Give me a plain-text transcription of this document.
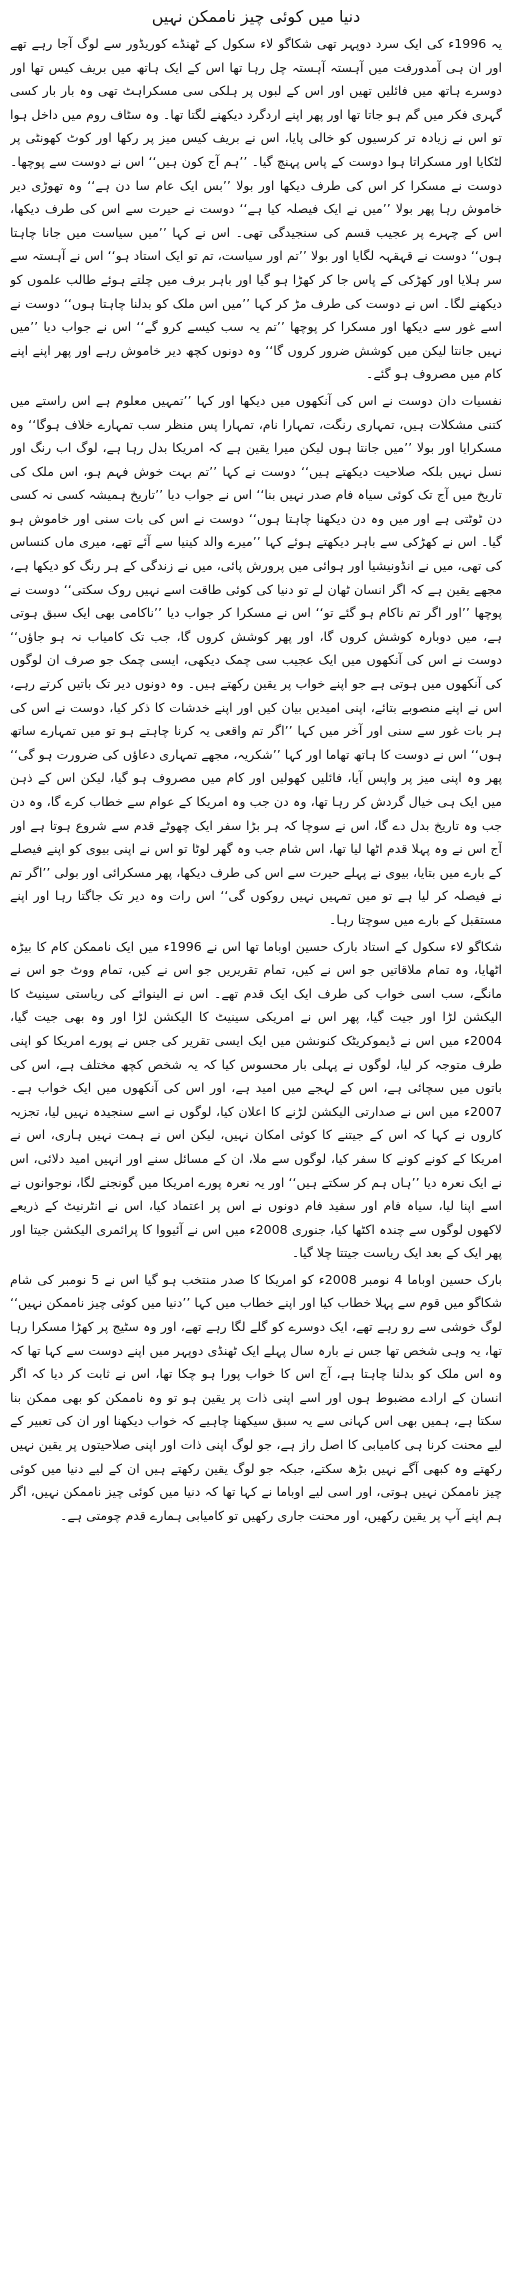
دنیا میں کوئی چیز ناممکن نہیں

یہ 1996ء کی ایک سرد دوپہر تھی شکاگو لاء سکول کے ٹھنڈے کوریڈور سے لوگ آجا رہے تھے اور ان ہی آمدورفت میں آہستہ آہستہ چل رہا تھا اس کے ایک ہاتھ میں بریف کیس تھا اور دوسرے ہاتھ میں فائلیں تھیں اور اس کے لبوں پر ہلکی سی مسکراہٹ تھی وہ بار بار کسی گہری فکر میں گم ہو جاتا تھا اور پھر اپنے اردگرد دیکھنے لگتا تھا۔ وہ سٹاف روم میں داخل ہوا تو اس نے زیادہ تر کرسیوں کو خالی پایا، اس نے بریف کیس میز پر رکھا اور کوٹ کھونٹی پر لٹکایا اور مسکراتا ہوا دوست کے پاس پہنچ گیا۔ ’’ہم آج کون ہیں‘‘ اس نے دوست سے پوچھا۔ دوست نے مسکرا کر اس کی طرف دیکھا اور بولا ’’بس ایک عام سا دن ہے‘‘ وہ تھوڑی دیر خاموش رہا پھر بولا ’’میں نے ایک فیصلہ کیا ہے‘‘ دوست نے حیرت سے اس کی طرف دیکھا، اس کے چہرے پر عجیب قسم کی سنجیدگی تھی۔ اس نے کہا ’’میں سیاست میں جانا چاہتا ہوں‘‘ دوست نے قہقہہ لگایا اور بولا ’’تم اور سیاست، تم تو ایک استاد ہو‘‘ اس نے آہستہ سے سر ہلایا اور کھڑکی کے پاس جا کر کھڑا ہو گیا اور باہر برف میں چلتے ہوئے طالب علموں کو دیکھنے لگا۔ اس نے دوست کی طرف مڑ کر کہا ’’میں اس ملک کو بدلنا چاہتا ہوں‘‘ دوست نے اسے غور سے دیکھا اور مسکرا کر پوچھا ’’تم یہ سب کیسے کرو گے‘‘ اس نے جواب دیا ’’میں نہیں جانتا لیکن میں کوشش ضرور کروں گا‘‘ وہ دونوں کچھ دیر خاموش رہے اور پھر اپنے اپنے کام میں مصروف ہو گئے۔

نفسیات دان دوست نے اس کی آنکھوں میں دیکھا اور کہا ’’تمہیں معلوم ہے اس راستے میں کتنی مشکلات ہیں، تمہاری رنگت، تمہارا نام، تمہارا پس منظر سب تمہارے خلاف ہوگا‘‘ وہ مسکرایا اور بولا ’’میں جانتا ہوں لیکن میرا یقین ہے کہ امریکا بدل رہا ہے، لوگ اب رنگ اور نسل نہیں بلکہ صلاحیت دیکھتے ہیں‘‘ دوست نے کہا ’’تم بہت خوش فہم ہو، اس ملک کی تاریخ میں آج تک کوئی سیاہ فام صدر نہیں بنا‘‘ اس نے جواب دیا ’’تاریخ ہمیشہ کسی نہ کسی دن ٹوٹتی ہے اور میں وہ دن دیکھنا چاہتا ہوں‘‘ دوست نے اس کی بات سنی اور خاموش ہو گیا۔ اس نے کھڑکی سے باہر دیکھتے ہوئے کہا ’’میرے والد کینیا سے آئے تھے، میری ماں کنساس کی تھی، میں نے انڈونیشیا اور ہوائی میں پرورش پائی، میں نے زندگی کے ہر رنگ کو دیکھا ہے، مجھے یقین ہے کہ اگر انسان ٹھان لے تو دنیا کی کوئی طاقت اسے نہیں روک سکتی‘‘ دوست نے پوچھا ’’اور اگر تم ناکام ہو گئے تو‘‘ اس نے مسکرا کر جواب دیا ’’ناکامی بھی ایک سبق ہوتی ہے، میں دوبارہ کوشش کروں گا، اور پھر کوشش کروں گا، جب تک کامیاب نہ ہو جاؤں‘‘ دوست نے اس کی آنکھوں میں ایک عجیب سی چمک دیکھی، ایسی چمک جو صرف ان لوگوں کی آنکھوں میں ہوتی ہے جو اپنے خواب پر یقین رکھتے ہیں۔ وہ دونوں دیر تک باتیں کرتے رہے، اس نے اپنے منصوبے بتائے، اپنی امیدیں بیان کیں اور اپنے خدشات کا ذکر کیا، دوست نے اس کی ہر بات غور سے سنی اور آخر میں کہا ’’اگر تم واقعی یہ کرنا چاہتے ہو تو میں تمہارے ساتھ ہوں‘‘ اس نے دوست کا ہاتھ تھاما اور کہا ’’شکریہ، مجھے تمہاری دعاؤں کی ضرورت ہو گی‘‘ پھر وہ اپنی میز پر واپس آیا، فائلیں کھولیں اور کام میں مصروف ہو گیا، لیکن اس کے ذہن میں ایک ہی خیال گردش کر رہا تھا، وہ دن جب وہ امریکا کے عوام سے خطاب کرے گا، وہ دن جب وہ تاریخ بدل دے گا، اس نے سوچا کہ ہر بڑا سفر ایک چھوٹے قدم سے شروع ہوتا ہے اور آج اس نے وہ پہلا قدم اٹھا لیا تھا، اس شام جب وہ گھر لوٹا تو اس نے اپنی بیوی کو اپنے فیصلے کے بارے میں بتایا، بیوی نے پہلے حیرت سے اس کی طرف دیکھا، پھر مسکرائی اور بولی ’’اگر تم نے فیصلہ کر لیا ہے تو میں تمہیں نہیں روکوں گی‘‘ اس رات وہ دیر تک جاگتا رہا اور اپنے مستقبل کے بارے میں سوچتا رہا۔

شکاگو لاء سکول کے استاد بارک حسین اوباما تھا اس نے 1996ء میں ایک ناممکن کام کا بیڑہ اٹھایا، وہ تمام ملاقاتیں جو اس نے کیں، تمام تقریریں جو اس نے کیں، تمام ووٹ جو اس نے مانگے، سب اسی خواب کی طرف ایک ایک قدم تھے۔ اس نے الینوائے کی ریاستی سینیٹ کا الیکشن لڑا اور جیت گیا، پھر اس نے امریکی سینیٹ کا الیکشن لڑا اور وہ بھی جیت گیا، 2004ء میں اس نے ڈیموکریٹک کنونشن میں ایک ایسی تقریر کی جس نے پورے امریکا کو اپنی طرف متوجہ کر لیا، لوگوں نے پہلی بار محسوس کیا کہ یہ شخص کچھ مختلف ہے، اس کی باتوں میں سچائی ہے، اس کے لہجے میں امید ہے، اور اس کی آنکھوں میں ایک خواب ہے۔ 2007ء میں اس نے صدارتی الیکشن لڑنے کا اعلان کیا، لوگوں نے اسے سنجیدہ نہیں لیا، تجزیہ کاروں نے کہا کہ اس کے جیتنے کا کوئی امکان نہیں، لیکن اس نے ہمت نہیں ہاری، اس نے امریکا کے کونے کونے کا سفر کیا، لوگوں سے ملا، ان کے مسائل سنے اور انہیں امید دلائی، اس نے ایک نعرہ دیا ’’ہاں ہم کر سکتے ہیں‘‘ اور یہ نعرہ پورے امریکا میں گونجنے لگا، نوجوانوں نے اسے اپنا لیا، سیاہ فام اور سفید فام دونوں نے اس پر اعتماد کیا، اس نے انٹرنیٹ کے ذریعے لاکھوں لوگوں سے چندہ اکٹھا کیا، جنوری 2008ء میں اس نے آئیووا کا پرائمری الیکشن جیتا اور پھر ایک کے بعد ایک ریاست جیتتا چلا گیا۔

بارک حسین اوباما 4 نومبر 2008ء کو امریکا کا صدر منتخب ہو گیا اس نے 5 نومبر کی شام شکاگو میں قوم سے پہلا خطاب کیا اور اپنے خطاب میں کہا ’’دنیا میں کوئی چیز ناممکن نہیں‘‘ لوگ خوشی سے رو رہے تھے، ایک دوسرے کو گلے لگا رہے تھے، اور وہ سٹیج پر کھڑا مسکرا رہا تھا، یہ وہی شخص تھا جس نے بارہ سال پہلے ایک ٹھنڈی دوپہر میں اپنے دوست سے کہا تھا کہ وہ اس ملک کو بدلنا چاہتا ہے، آج اس کا خواب پورا ہو چکا تھا، اس نے ثابت کر دیا کہ اگر انسان کے ارادے مضبوط ہوں اور اسے اپنی ذات پر یقین ہو تو وہ ناممکن کو بھی ممکن بنا سکتا ہے، ہمیں بھی اس کہانی سے یہ سبق سیکھنا چاہیے کہ خواب دیکھنا اور ان کی تعبیر کے لیے محنت کرنا ہی کامیابی کا اصل راز ہے، جو لوگ اپنی ذات اور اپنی صلاحیتوں پر یقین نہیں رکھتے وہ کبھی آگے نہیں بڑھ سکتے، جبکہ جو لوگ یقین رکھتے ہیں ان کے لیے دنیا میں کوئی چیز ناممکن نہیں ہوتی، اور اسی لیے اوباما نے کہا تھا کہ دنیا میں کوئی چیز ناممکن نہیں، اگر ہم اپنے آپ پر یقین رکھیں، اور محنت جاری رکھیں تو کامیابی ہمارے قدم چومتی ہے۔
